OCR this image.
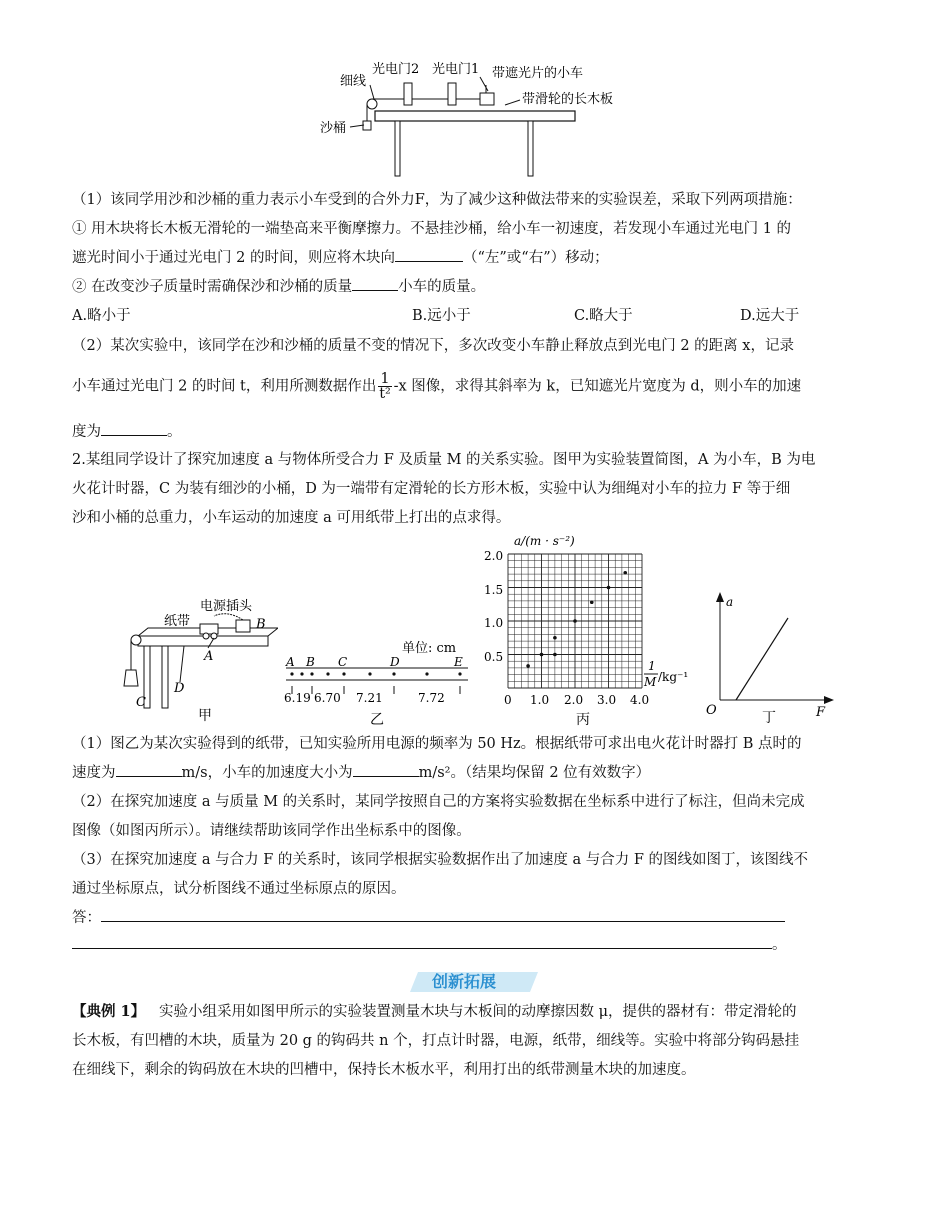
细线
光电门2 光电门1 带遮光片的小车
带滑轮的长木板
沙桶
（1）该同学用沙和沙桶的重力表示小车受到的合外力F，为了减少这种做法带来的实验误差，采取下列两项措施：
① 用木块将长木板无滑轮的一端垫高来平衡摩擦力。不悬挂沙桶，给小车一初速度，若发现小车通过光电门 1 的
遮光时间小于通过光电门 2 的时间，则应将木块向	（“左”或“右”）移动；
② 在改变沙子质量时需确保沙和沙桶的质量	小车的质量。
A.略小于	B.远小于	C.略大于	D.远大于
（2）某次实验中，该同学在沙和沙桶的质量不变的情况下，多次改变小车静止释放点到光电门 2 的距离 x，记录
小车通过光电门 2 的时间 t，利用所测数据作出 $\frac{1}{\text{t²}} -x$ 图像，求得其斜率为 k，已知遮光片宽度为 d，则小车的加速
度为	。
2.某组同学设计了探究加速度 a 与物体所受合力 F 及质量 M 的关系实验。图甲为实验装置简图，A 为小车，B 为电
火花计时器，C 为装有细沙的小桶，D 为一端带有定滑轮的长方形木板，实验中认为细绳对小车的拉力 F 等于细
沙和小桶的总重力，小车运动的加速度 a 可用纸带上打出的点求得。
纸带
电源插头
B
A
C
D
甲
单位: cm
A B C	D	E
6.19 6.70 7.21	7.72
乙
a/(m · s⁻²)
2.0
1.5
1.0
0.5
0 1.0 2.0 3.0 4.0
1
M /kg⁻¹
丙
a
F
O	丁
（1）图乙为某次实验得到的纸带，已知实验所用电源的频率为 50 Hz。根据纸带可求出电火花计时器打 B 点时的
速度为	m/s，小车的加速度大小为	m/s²。（结果均保留 2 位有效数字）
（2）在探究加速度 a 与质量 M 的关系时，某同学按照自己的方案将实验数据在坐标系中进行了标注，但尚未完成
图像（如图丙所示）。请继续帮助该同学作出坐标系中的图像。
（3）在探究加速度 a 与合力 F 的关系时，该同学根据实验数据作出了加速度 a 与合力 F 的图线如图丁，该图线不
通过坐标原点，试分析图线不通过坐标原点的原因。
答：
。
创新拓展
【典例 1】 实验小组采用如图甲所示的实验装置测量木块与木板间的动摩擦因数 μ，提供的器材有：带定滑轮的
长木板，有凹槽的木块，质量为 20 g 的钩码共 n 个，打点计时器，电源，纸带，细线等。实验中将部分钩码悬挂
在细线下，剩余的钩码放在木块的凹槽中，保持长木板水平，利用打出的纸带测量木块的加速度。
